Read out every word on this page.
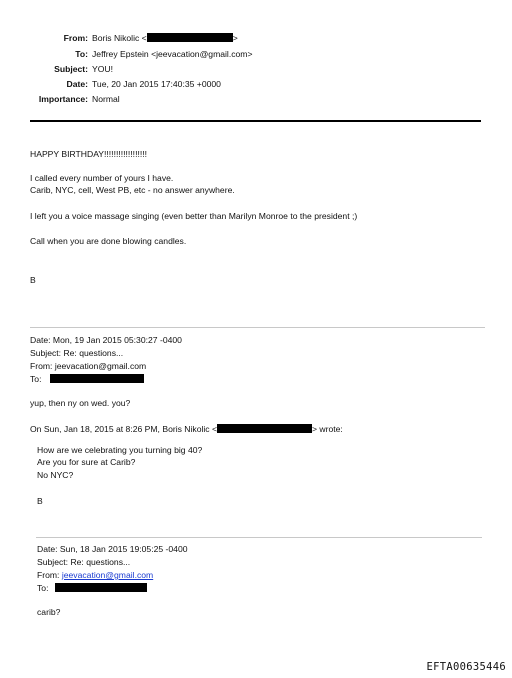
From: Boris Nikolic <	>
To: Jeffrey Epstein <jeevacation@gmail.com>
Subject: YOU!
Date: Tue, 20 Jan 2015 17:40:35 +0000
Importance: Normal
HAPPY BIRTHDAY!!!!!!!!!!!!!!!!!!
I called every number of yours I have.
Carib, NYC, cell, West PB, etc - no answer anywhere.
I left you a voice massage singing (even better than Marilyn Monroe to the president ;)
Call when you are done blowing candles.
B
Date: Mon, 19 Jan 2015 05:30:27 -0400
Subject: Re: questions...
From: jeevacation@gmail.com
To:
yup, then ny on wed. you?
On Sun, Jan 18, 2015 at 8:26 PM, Boris Nikolic <	> wrote:
How are we celebrating you turning big 40?
Are you for sure at Carib?
No NYC?
B
Date: Sun, 18 Jan 2015 19:05:25 -0400
Subject: Re: questions...
From: jeevacation@gmail.com
To:
carib?
EFTA00635446
